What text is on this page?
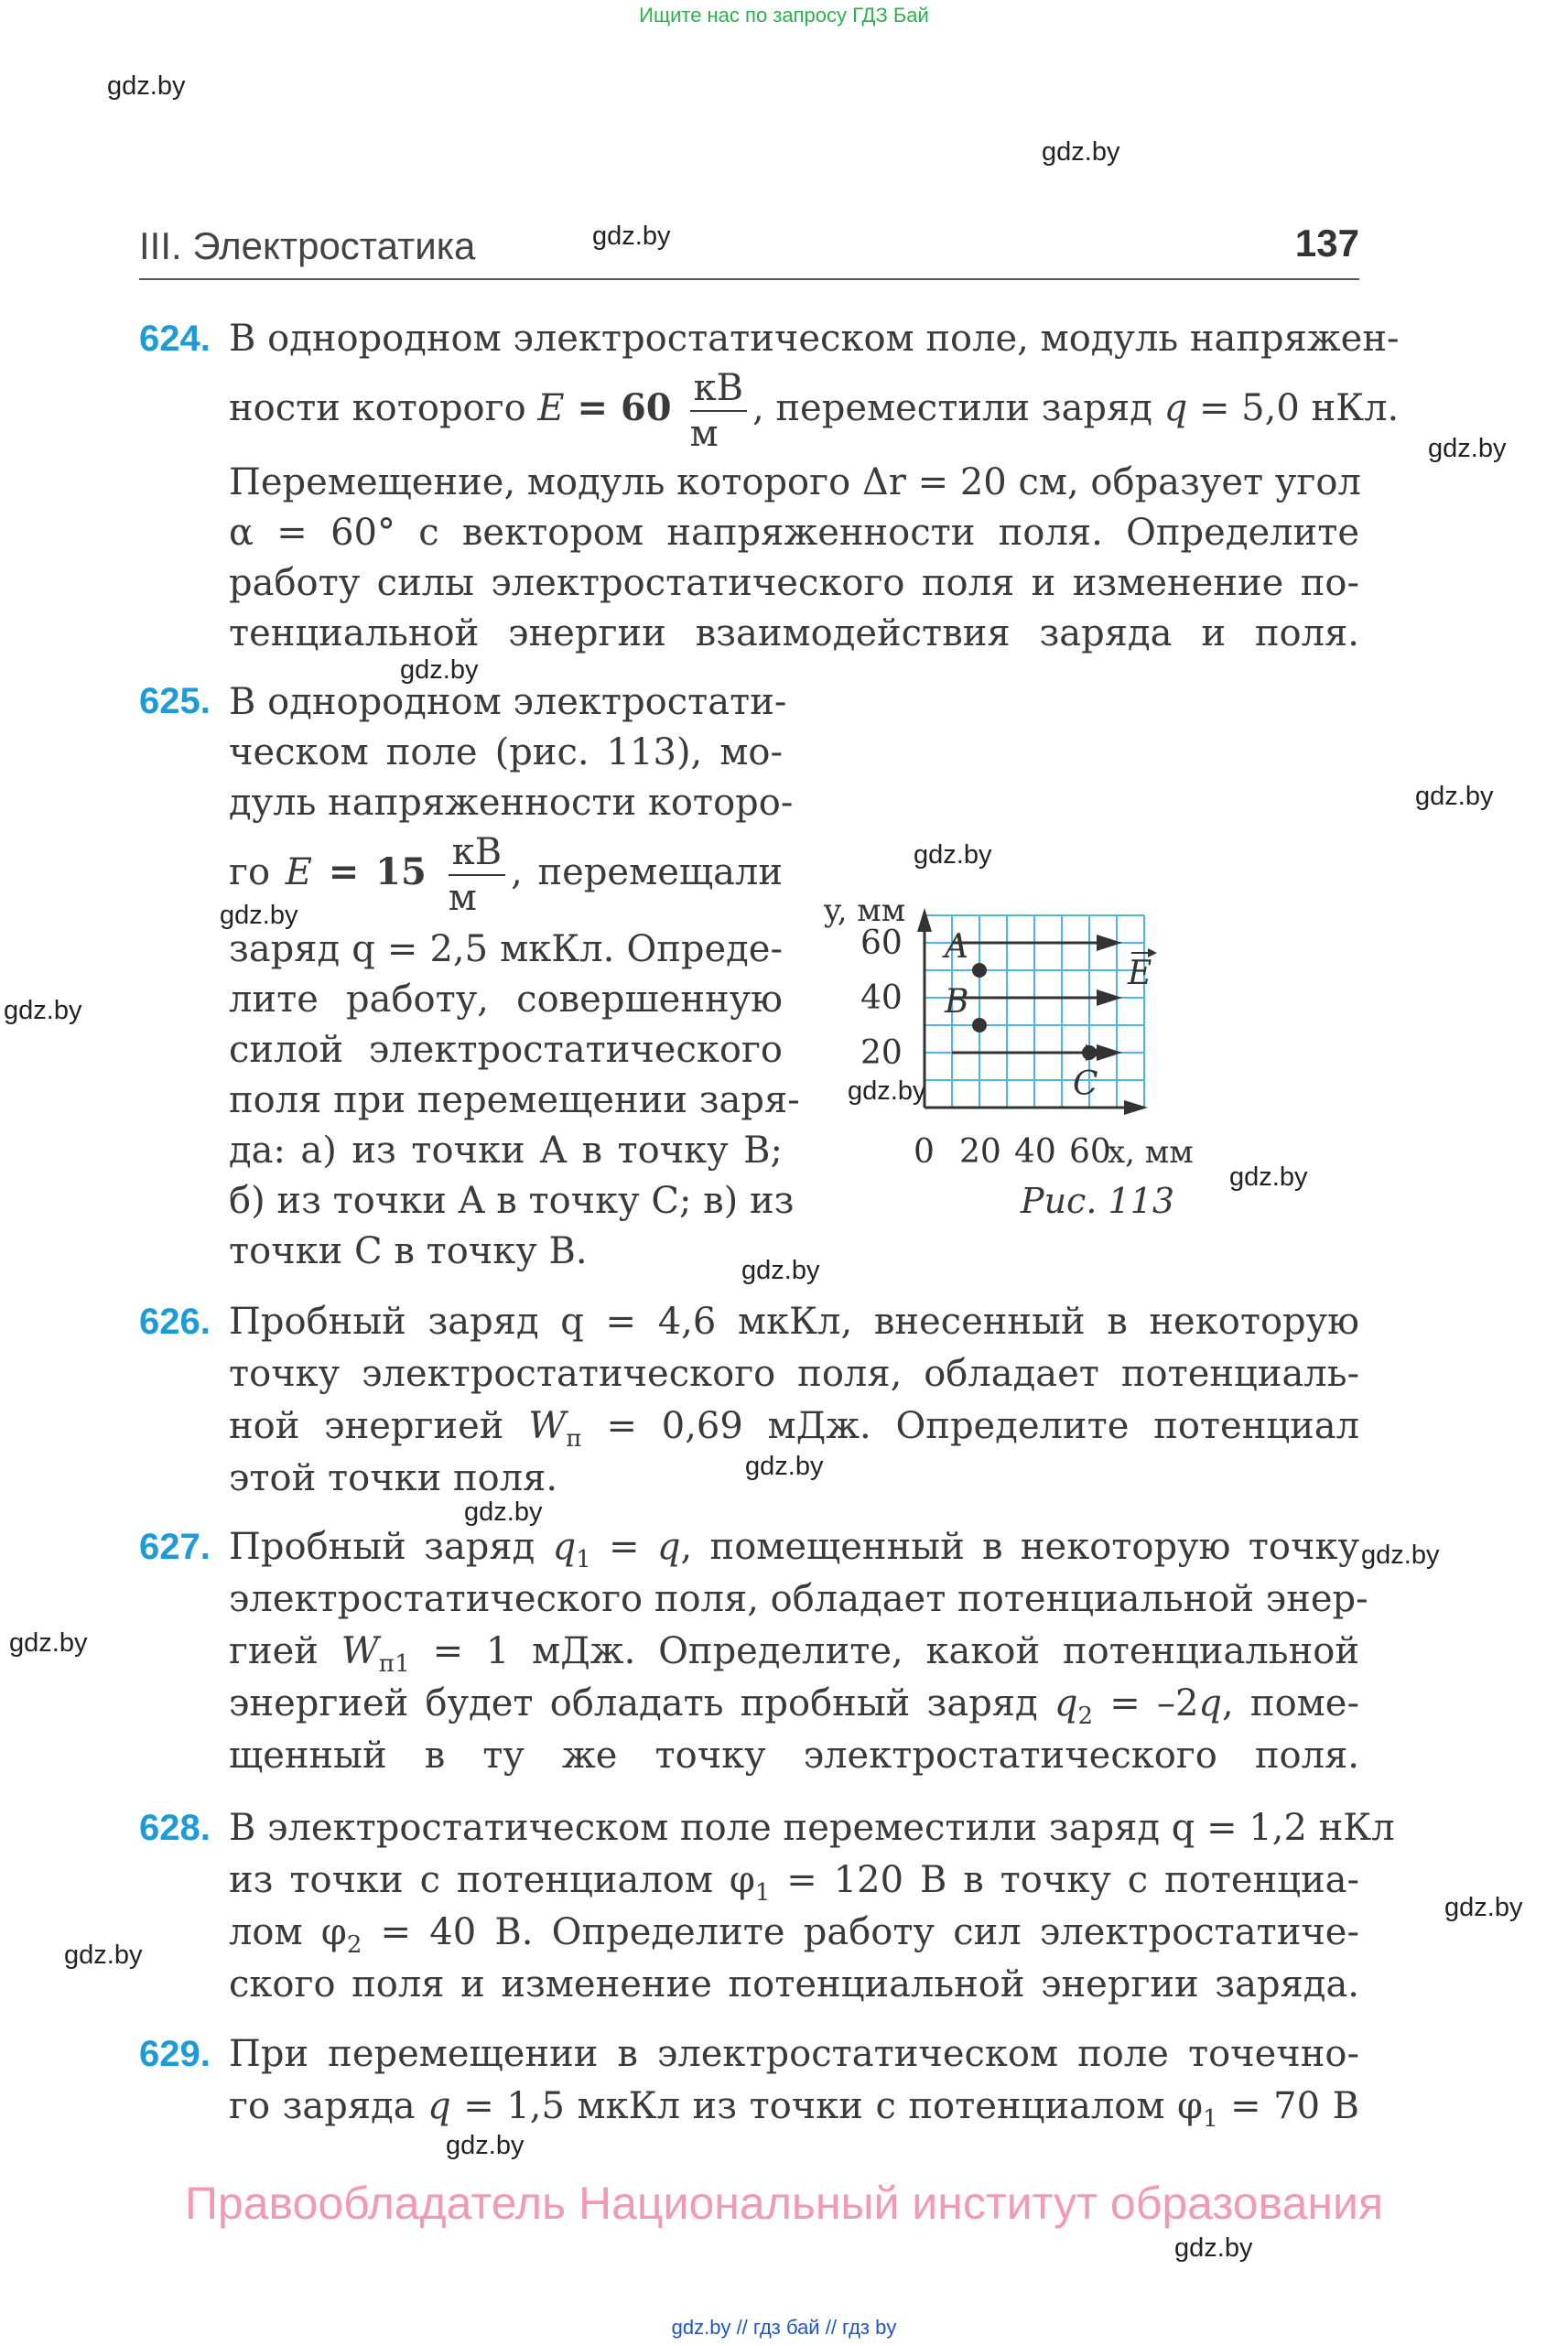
Ищите нас по запросу ГДЗ Бай
gdz.by
gdz.by
gdz.by
gdz.by
gdz.by
gdz.by
gdz.by
gdz.by
gdz.by
gdz.by
gdz.by
gdz.by
gdz.by
gdz.by
gdz.by
gdz.by
gdz.by
gdz.by
gdz.by
gdz.by
III. Электростатика	137
624. В однородном электростатическом поле, модуль напряжен-
ности которого $E = 60 \frac{кВ}{м}$ , переместили заряд q = 5,0 нКл.
Перемещение, модуль которого Δr = 20 см, образует угол
α = 60° с вектором напряженности поля. Определите
работу силы электростатического поля и изменение по-
тенциальной энергии взаимодействия заряда и поля.
625. В однородном электростати-
ческом поле (рис. 113), мо-
дуль напряженности которо-
го $E = 15 \frac{кВ}{м}$ , перемещали
заряд q = 2,5 мкКл. Опреде-
лите работу, совершенную
силой электростатического
поля при перемещении заря-
да: а) из точки A в точку B;
б) из точки A в точку C; в) из
точки C в точку B.
A
B
C
0 20 40 60
20
40
60
y, мм
x, мм
E
Рис. 113
626. Пробный заряд q = 4,6 мкКл, внесенный в некоторую
точку электростатического поля, обладает потенциаль-
ной энергией $W_п = 0,69$ мДж. Определите потенциал
этой точки поля.
627. Пробный заряд $q_1 = q$, помещенный в некоторую точку
электростатического поля, обладает потенциальной энер-
гией $W_{п1} = 1$ мДж. Определите, какой потенциальной
энергией будет обладать пробный заряд $q_2 = -2q$, поме-
щенный в ту же точку электростатического поля.
628. В электростатическом поле переместили заряд q = 1,2 нКл
из точки с потенциалом $\varphi_1 = 120$ В в точку с потенциа-
лом $\varphi_2 = 40$ В. Определите работу сил электростатиче-
ского поля и изменение потенциальной энергии заряда.
629. При перемещении в электростатическом поле точечно-
го заряда q = 1,5 мкКл из точки с потенциалом $\varphi_1 = 70$ В
Правообладатель Национальный институт образования
gdz.by // гдз бай // гдз by
